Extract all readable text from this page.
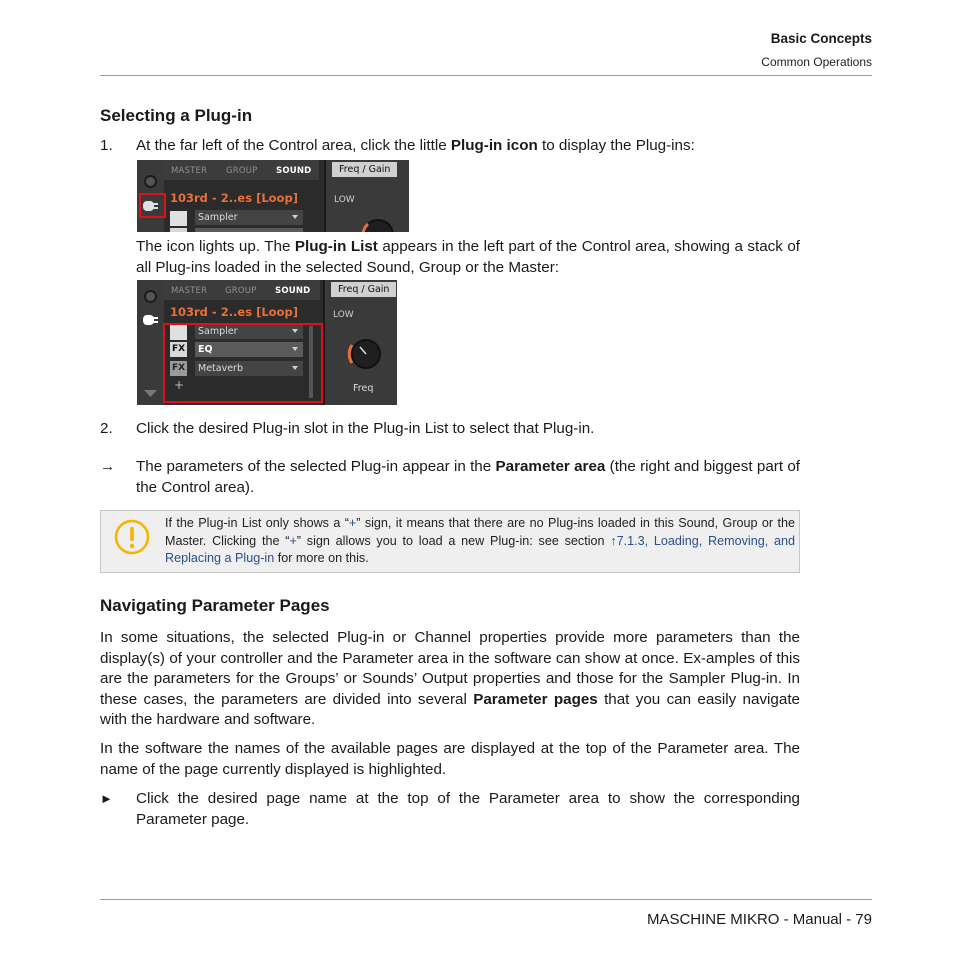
Basic Concepts
Common Operations
Selecting a Plug-in
1. At the far left of the Control area, click the little Plug-in icon to display the Plug-ins:
MASTER GROUP SOUND
103rd - 2..es [Loop]
Sampler
Freq / Gain
LOW
The icon lights up. The Plug-in List appears in the left part of the Control area, showing a stack of all Plug-ins loaded in the selected Sound, Group or the Master:
MASTER GROUP SOUND
103rd - 2..es [Loop]
Sampler
FX	EQ
FX	Metaverb
+
Freq / Gain
LOW
Freq
2. Click the desired Plug-in slot in the Plug-in List to select that Plug-in.
→ The parameters of the selected Plug-in appear in the Parameter area (the right and biggest part of the Control area).
If the Plug-in List only shows a “+” sign, it means that there are no Plug-ins loaded in this Sound, Group or the Master. Clicking the “+” sign allows you to load a new Plug-in: see section ↑7.1.3, Loading, Removing, and Replacing a Plug-in for more on this.
Navigating Parameter Pages
In some situations, the selected Plug-in or Channel properties provide more parameters than the display(s) of your controller and the Parameter area in the software can show at once. Ex-amples of this are the parameters for the Groups’ or Sounds’ Output properties and those for the Sampler Plug-in. In these cases, the parameters are divided into several Parameter pages that you can easily navigate with the hardware and software.
In the software the names of the available pages are displayed at the top of the Parameter area. The name of the page currently displayed is highlighted.
► Click the desired page name at the top of the Parameter area to show the corresponding Parameter page.
MASCHINE MIKRO - Manual - 79
